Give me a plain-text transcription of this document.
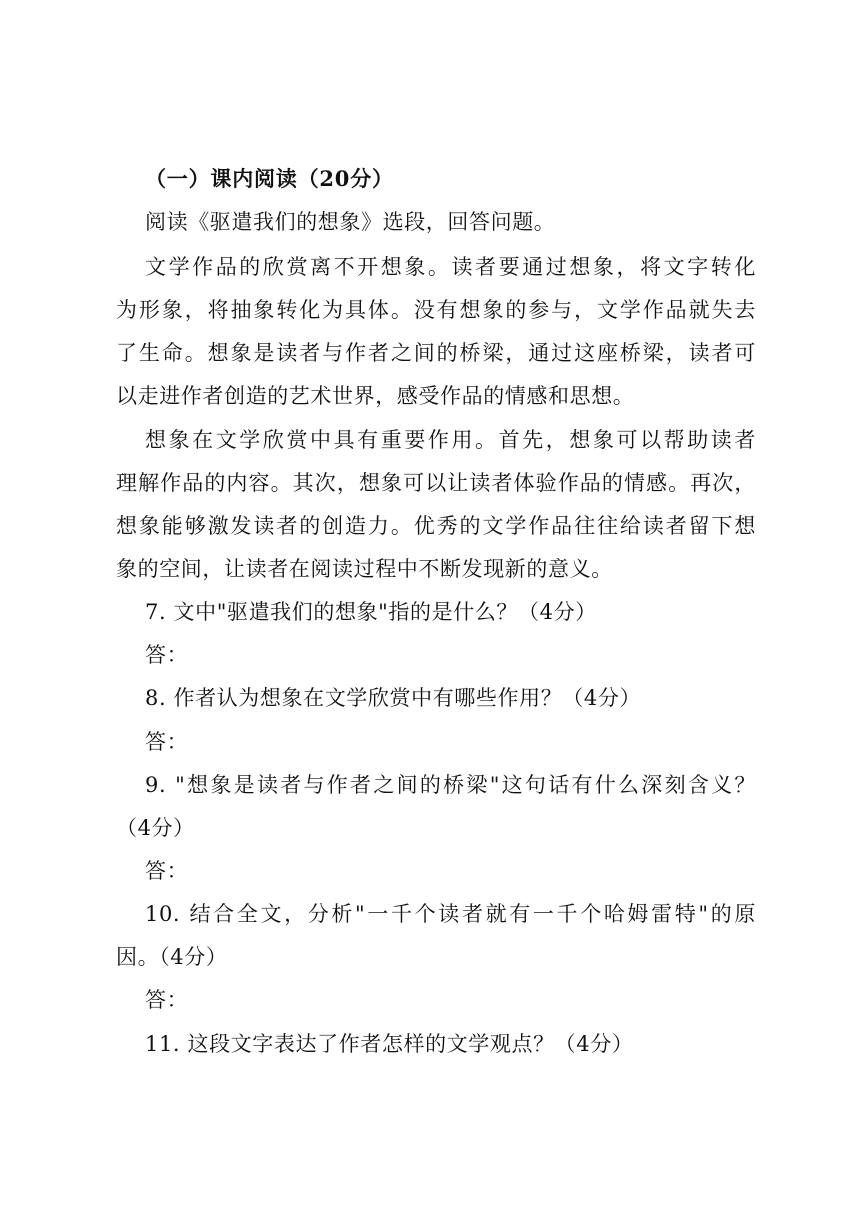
（一）课内阅读（20分）
阅读《驱遣我们的想象》选段，回答问题。
文学作品的欣赏离不开想象。读者要通过想象，将文字转化
为形象，将抽象转化为具体。没有想象的参与，文学作品就失去
了生命。想象是读者与作者之间的桥梁，通过这座桥梁，读者可
以走进作者创造的艺术世界，感受作品的情感和思想。
想象在文学欣赏中具有重要作用。首先，想象可以帮助读者
理解作品的内容。其次，想象可以让读者体验作品的情感。再次，
想象能够激发读者的创造力。优秀的文学作品往往给读者留下想
象的空间，让读者在阅读过程中不断发现新的意义。
7. 文中"驱遣我们的想象"指的是什么？（4分）
答：
8. 作者认为想象在文学欣赏中有哪些作用？（4分）
答：
9. "想象是读者与作者之间的桥梁"这句话有什么深刻含义？
（4分）
答：
10. 结合全文，分析"一千个读者就有一千个哈姆雷特"的原
因。（4分）
答：
11. 这段文字表达了作者怎样的文学观点？（4分）
